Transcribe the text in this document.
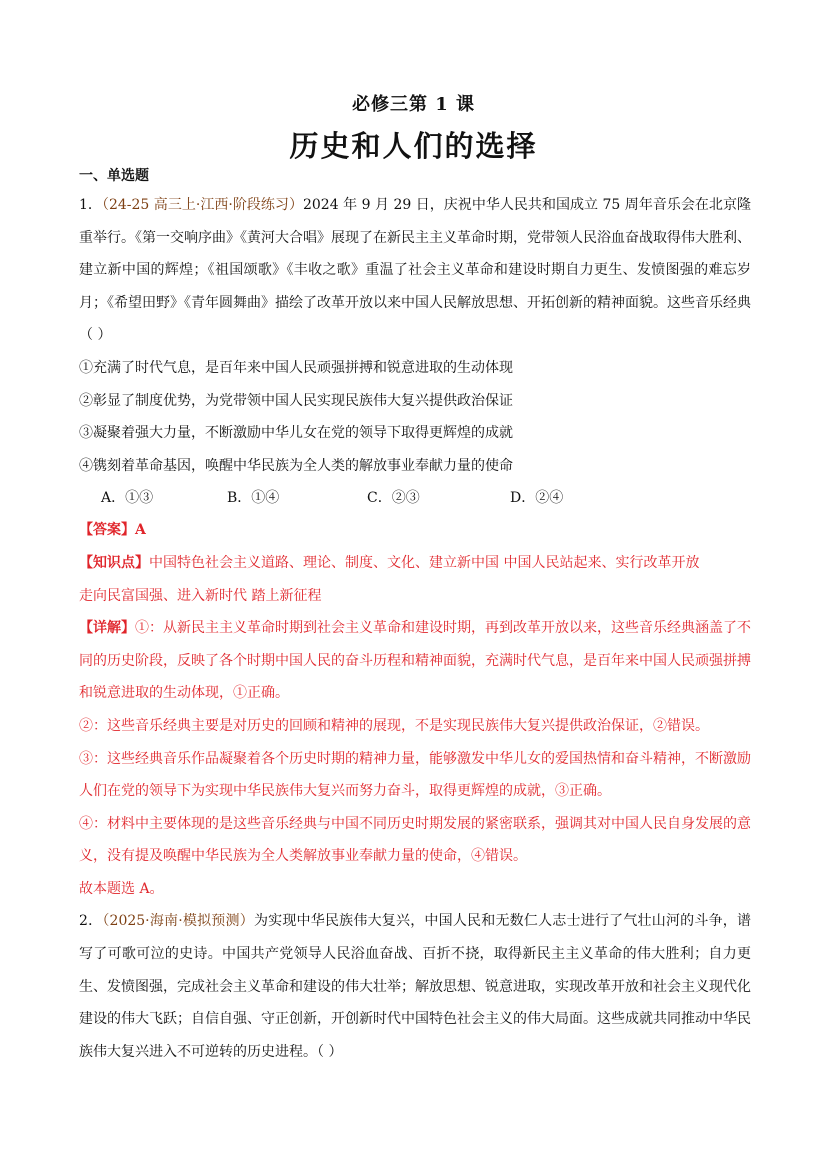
必修三第 1 课
历史和人们的选择
一、单选题

1．（24-25 高三上·江西·阶段练习）2024 年 9 月 29 日，庆祝中华人民共和国成立 75 周年音乐会在北京隆重举行。《第一交响序曲》《黄河大合唱》展现了在新民主主义革命时期，党带领人民浴血奋战取得伟大胜利、建立新中国的辉煌；《祖国颂歌》《丰收之歌》重温了社会主义革命和建设时期自力更生、发愤图强的难忘岁月；《希望田野》《青年圆舞曲》描绘了改革开放以来中国人民解放思想、开拓创新的精神面貌。这些音乐经典（ ）

①充满了时代气息，是百年来中国人民顽强拼搏和锐意进取的生动体现

②彰显了制度优势，为党带领中国人民实现民族伟大复兴提供政治保证

③凝聚着强大力量，不断激励中华儿女在党的领导下取得更辉煌的成就

④镌刻着革命基因，唤醒中华民族为全人类的解放事业奉献力量的使命

A．①③	B．①④	C．②③	D．②④

【答案】A

【知识点】中国特色社会主义道路、理论、制度、文化、建立新中国 中国人民站起来、实行改革开放

走向民富国强、进入新时代 踏上新征程

【详解】①：从新民主主义革命时期到社会主义革命和建设时期，再到改革开放以来，这些音乐经典涵盖了不同的历史阶段，反映了各个时期中国人民的奋斗历程和精神面貌，充满时代气息，是百年来中国人民顽强拼搏和锐意进取的生动体现，①正确。

②：这些音乐经典主要是对历史的回顾和精神的展现，不是实现民族伟大复兴提供政治保证，②错误。

③：这些经典音乐作品凝聚着各个历史时期的精神力量，能够激发中华儿女的爱国热情和奋斗精神，不断激励人们在党的领导下为实现中华民族伟大复兴而努力奋斗，取得更辉煌的成就，③正确。

④：材料中主要体现的是这些音乐经典与中国不同历史时期发展的紧密联系，强调其对中国人民自身发展的意义，没有提及唤醒中华民族为全人类解放事业奉献力量的使命，④错误。

故本题选 A。

2．（2025·海南·模拟预测）为实现中华民族伟大复兴，中国人民和无数仁人志士进行了气壮山河的斗争，谱写了可歌可泣的史诗。中国共产党领导人民浴血奋战、百折不挠，取得新民主主义革命的伟大胜利；自力更生、发愤图强，完成社会主义革命和建设的伟大壮举；解放思想、锐意进取，实现改革开放和社会主义现代化建设的伟大飞跃；自信自强、守正创新，开创新时代中国特色社会主义的伟大局面。这些成就共同推动中华民族伟大复兴进入不可逆转的历史进程。（ ）
